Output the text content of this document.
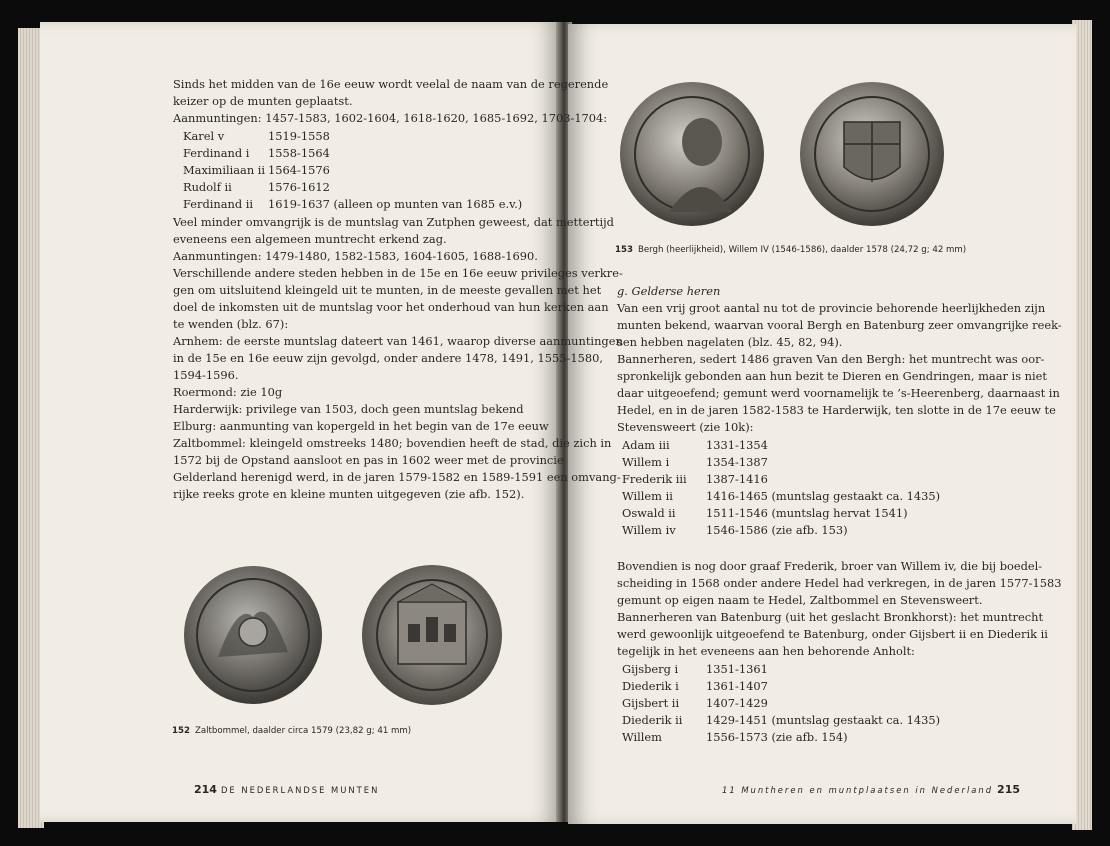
Sinds het midden van de 16e eeuw wordt veelal de naam van de regerende
keizer op de munten geplaatst.
Aanmuntingen: 1457-1583, 1602-1604, 1618-1620, 1685-1692, 1703-1704:
Karel v	1519-1558
Ferdinand i 1558-1564
Maximiliaan ii 1564-1576
Rudolf ii	1576-1612
Ferdinand ii 1619-1637 (alleen op munten van 1685 e.v.)
Veel minder omvangrijk is de muntslag van Zutphen geweest, dat mettertijd
eveneens een algemeen muntrecht erkend zag.
Aanmuntingen: 1479-1480, 1582-1583, 1604-1605, 1688-1690.
Verschillende andere steden hebben in de 15e en 16e eeuw privileges verkre-
gen om uitsluitend kleingeld uit te munten, in de meeste gevallen met het
doel de inkomsten uit de muntslag voor het onderhoud van hun kerken aan
te wenden (blz. 67):
Arnhem: de eerste muntslag dateert van 1461, waarop diverse aanmuntingen
in de 15e en 16e eeuw zijn gevolgd, onder andere 1478, 1491, 1555-1580,
1594-1596.
Roermond: zie 10g
Harderwijk: privilege van 1503, doch geen muntslag bekend
Elburg: aanmunting van kopergeld in het begin van de 17e eeuw
Zaltbommel: kleingeld omstreeks 1480; bovendien heeft de stad, die zich in
1572 bij de Opstand aansloot en pas in 1602 weer met de provincie
Gelderland herenigd werd, in de jaren 1579-1582 en 1589-1591 een omvang-
rijke reeks grote en kleine munten uitgegeven (zie afb. 152).
152 Zaltbommel, daalder circa 1579 (23,82 g; 41 mm)
214 DE NEDERLANDSE MUNTEN
153 Bergh (heerlijkheid), Willem IV (1546-1586), daalder 1578 (24,72 g; 42 mm)
g. Gelderse heren
Van een vrij groot aantal nu tot de provincie behorende heerlijkheden zijn
munten bekend, waarvan vooral Bergh en Batenburg zeer omvangrijke reek-
sen hebben nagelaten (blz. 45, 82, 94).
Bannerheren, sedert 1486 graven Van den Bergh: het muntrecht was oor-
spronkelijk gebonden aan hun bezit te Dieren en Gendringen, maar is niet
daar uitgeoefend; gemunt werd voornamelijk te ’s-Heerenberg, daarnaast in
Hedel, en in de jaren 1582-1583 te Harderwijk, ten slotte in de 17e eeuw te
Stevensweert (zie 10k):
Adam iii	1331-1354
Willem i	1354-1387
Frederik iii 1387-1416
Willem ii	1416-1465 (muntslag gestaakt ca. 1435)
Oswald ii	1511-1546 (muntslag hervat 1541)
Willem iv	1546-1586 (zie afb. 153)
Bovendien is nog door graaf Frederik, broer van Willem iv, die bij boedel-
scheiding in 1568 onder andere Hedel had verkregen, in de jaren 1577-1583
gemunt op eigen naam te Hedel, Zaltbommel en Stevensweert.
Bannerheren van Batenburg (uit het geslacht Bronkhorst): het muntrecht
werd gewoonlijk uitgeoefend te Batenburg, onder Gijsbert ii en Diederik ii
tegelijk in het eveneens aan hen behorende Anholt:
Gijsberg i 1351-1361
Diederik i 1361-1407
Gijsbert ii 1407-1429
Diederik ii 1429-1451 (muntslag gestaakt ca. 1435)
Willem	1556-1573 (zie afb. 154)
11 Muntheren en muntplaatsen in Nederland 215
